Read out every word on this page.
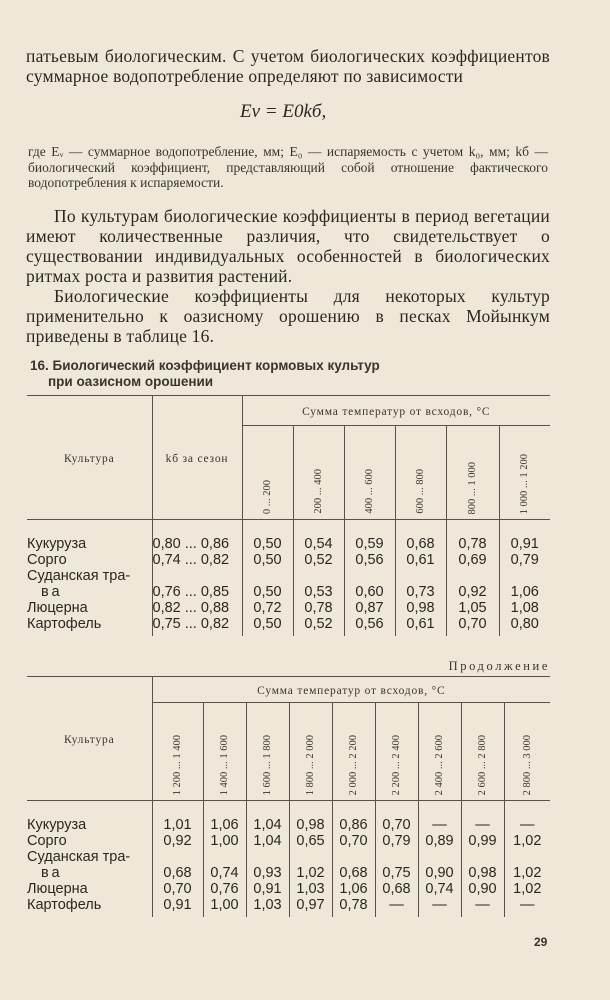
патьевым биологическим. С учетом биологических коэффициентов суммарное водопотребление определяют по зависимости
Ev = E0kб,
где Eᵥ — суммарное водопотребление, мм; E₀ — испаряемость с учетом k₀, мм; kб — биологический коэффициент, представляющий собой отношение фактического водопотребления к испаряемости.
По культурам биологические коэффициенты в период вегетации имеют количественные различия, что свидетельствует о существовании индивидуальных особенностей в биологических ритмах роста и развития растений.
Биологические коэффициенты для некоторых культур применительно к оазисному орошению в песках Мойынкум приведены в таблице 16.
16. Биологический коэффициент кормовых культур
при оазисном орошении
Культура	kб за сезон	Сумма температур от всходов, °С					
		0 ... 200	200 ... 400	400 ... 600	600 ... 800	800 ... 1 000	1 000 ... 1 200
Кукуруза	0,80 ... 0,86	0,50	0,54	0,59	0,68	0,78	0,91
Сорго	0,74 ... 0,82	0,50	0,52	0,56	0,61	0,69	0,79
Суданская тра-
ва	0,76 ... 0,85	0,50	0,53	0,60	0,73	0,92	1,06
Люцерна	0,82 ... 0,88	0,72	0,78	0,87	0,98	1,05	1,08
Картофель	0,75 ... 0,82	0,50	0,52	0,56	0,61	0,70	0,80

Продолжение
Культура	Сумма температур от всходов, °С								
	1 200 ... 1 400	1 400 ... 1 600	1 600 ... 1 800	1 800 ... 2 000	2 000 ... 2 200	2 200 ... 2 400	2 400 ... 2 600	2 600 ... 2 800	2 800 ... 3 000
Кукуруза	1,01	1,06	1,04	0,98	0,86	0,70	—	—	—
Сорго	0,92	1,00	1,04	0,65	0,70	0,79	0,89	0,99	1,02
Суданская тра-
ва	0,68	0,74	0,93	1,02	0,68	0,75	0,90	0,98	1,02
Люцерна	0,70	0,76	0,91	1,03	1,06	0,68	0,74	0,90	1,02
Картофель	0,91	1,00	1,03	0,97	0,78	—	—	—	—

29
